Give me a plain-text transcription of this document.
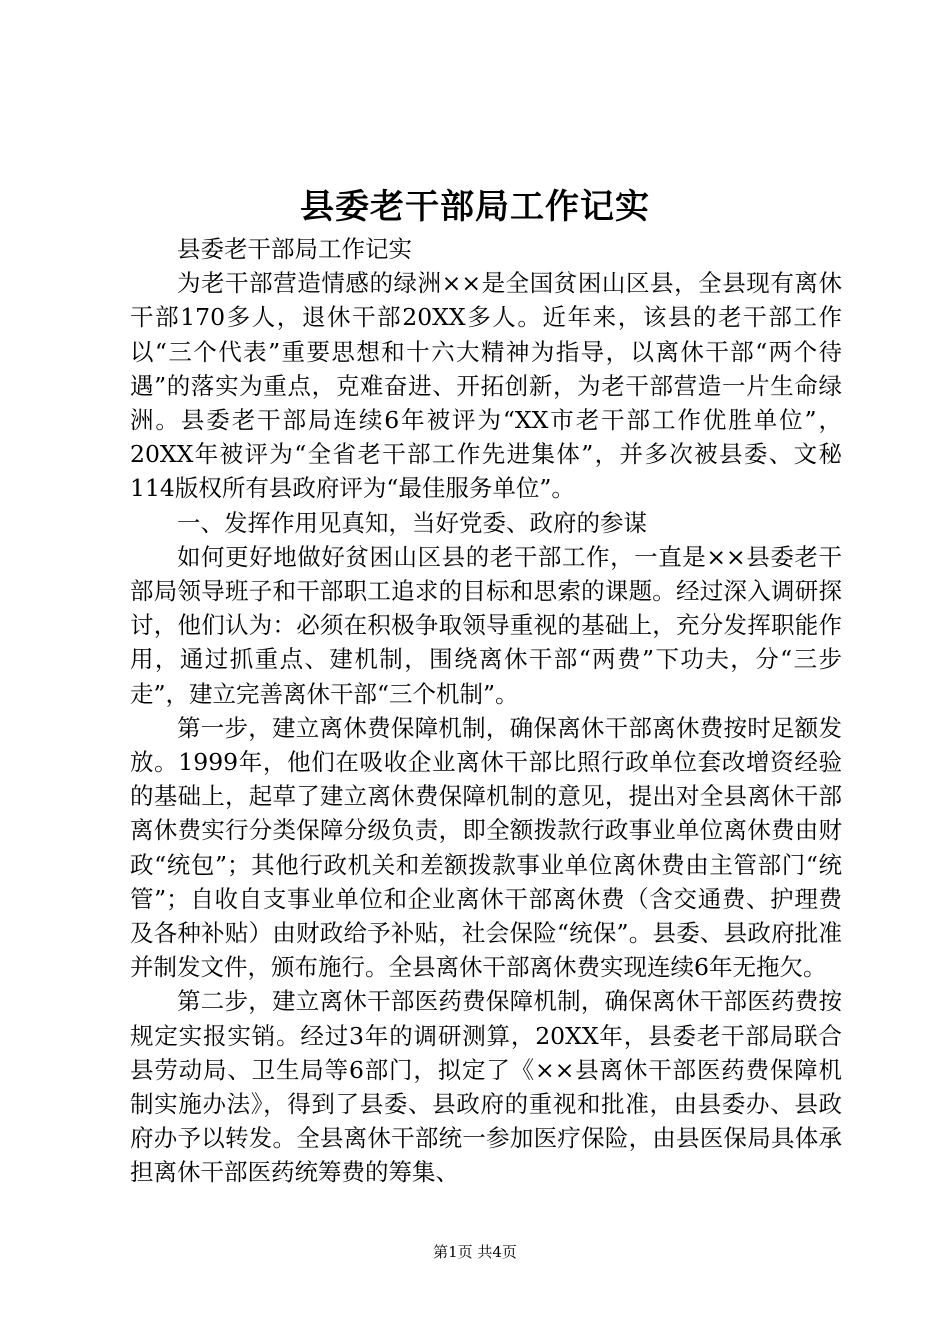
县委老干部局工作记实

县委老干部局工作记实

为老干部营造情感的绿洲××是全国贫困山区县，全县现有离休干部170多人，退休干部20XX多人。近年来，该县的老干部工作以“三个代表”重要思想和十六大精神为指导，以离休干部“两个待遇”的落实为重点，克难奋进、开拓创新，为老干部营造一片生命绿洲。县委老干部局连续6年被评为“XX市老干部工作优胜单位”，20XX年被评为“全省老干部工作先进集体”，并多次被县委、文秘114版权所有县政府评为“最佳服务单位”。

一、发挥作用见真知，当好党委、政府的参谋

如何更好地做好贫困山区县的老干部工作，一直是××县委老干部局领导班子和干部职工追求的目标和思索的课题。经过深入调研探讨，他们认为：必须在积极争取领导重视的基础上，充分发挥职能作用，通过抓重点、建机制，围绕离休干部“两费”下功夫，分“三步走”，建立完善离休干部“三个机制”。

第一步，建立离休费保障机制，确保离休干部离休费按时足额发放。1999年，他们在吸收企业离休干部比照行政单位套改增资经验的基础上，起草了建立离休费保障机制的意见，提出对全县离休干部离休费实行分类保障分级负责，即全额拨款行政事业单位离休费由财政“统包”；其他行政机关和差额拨款事业单位离休费由主管部门“统管”；自收自支事业单位和企业离休干部离休费（含交通费、护理费及各种补贴）由财政给予补贴，社会保险“统保”。县委、县政府批准并制发文件，颁布施行。全县离休干部离休费实现连续6年无拖欠。

第二步，建立离休干部医药费保障机制，确保离休干部医药费按规定实报实销。经过3年的调研测算，20XX年，县委老干部局联合县劳动局、卫生局等6部门，拟定了《××县离休干部医药费保障机制实施办法》，得到了县委、县政府的重视和批准，由县委办、县政府办予以转发。全县离休干部统一参加医疗保险，由县医保局具体承担离休干部医药统筹费的筹集、

第1页 共4页
